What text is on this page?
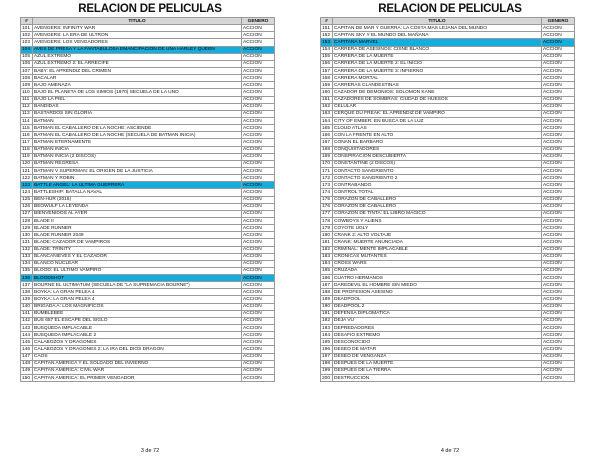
RELACION DE PELICULAS
#	TITULO	GENERO
101	AVENGERS: INFINITY WAR	ACCION
102	AVENGERS: LA ERA DE ULTRON	ACCION
103	AVENGERS: LOS VENGADORES	ACCION
104	AVES DE PRESA Y LA FANTABULOSA EMANCIPACION DE UNA HARLEY QUEEN	ACCION
105	AZUL EXTREMO	ACCION
106	AZUL EXTREMO 2: EL ARRECIFE	ACCION
107	BABY: EL APRENDIZ DEL CRIMEN	ACCION
108	BACALAR	ACCION
109	BAJO AMENAZA	ACCION
110	BAJO EL PLANETA DE LOS SIMIOS (1970) SECUELA DE LA UNO	ACCION
111	BAJO LA PIEL	ACCION
112	BANDIDAS	ACCION
113	BASTARDOS SIN GLORIA	ACCION
114	BATMAN	ACCION
115	BATMAN EL CABALLERO DE LA NOCHE: ASCIENDE	ACCION
116	BATMAN EL CABALLERO DE LA NOCHE (SECUELA DE BATMAN INICIA)	ACCION
117	BATMAN ETERNAMENTE	ACCION
118	BATMAN INICIA	ACCION
119	BATMAN INICIA (2 DISCOS)	ACCION
120	BATMAN REGRESA	ACCION
121	BATMAN V SUPERMAN: EL ORIGEN DE LA JUSTICIA	ACCION
122	BATMAN Y ROBIN	ACCION
123	BATTLE ANGEL: LA ULTIMA GUERRERA	ACCION
124	BATTLESHIP: BATALLA NAVAL	ACCION
125	BEN-HUR (2016)	ACCION
126	BEOWULF LA LEYENDA	ACCION
127	BIENVENIDOS AL AYER	ACCION
128	BLADE II	ACCION
129	BLADE RUNNER	ACCION
130	BLADE RUNNER 2049	ACCION
131	BLADE: CAZADOR DE VAMPIROS	ACCION
132	BLADE: TRINITY	ACCION
133	BLANCANIEVES Y EL CAZADOR	ACCION
134	BLANCO NUCLEAR	ACCION
135	BLOOD: EL ULTIMO VAMPIRO	ACCION
136	BLOODSHOT	ACCION
137	BOURNE EL ULTIMATUM (SECUELA DE "LA SUPREMACIA BOURNE")	ACCION
138	BOYKA: LA GRAN PELEA 4	ACCION
139	BOYKA: LA GRAN PELEA 4	ACCION
140	BRIGADA A: LOS MAGNIFICOS	ACCION
141	BUMBLEBEE	ACCION
142	BUS 657 EL ESCAPE DEL SIGLO	ACCION
143	BUSQUEDA IMPLACABLE	ACCION
144	BUSQUEDA IMPLACABLE 2	ACCION
145	CALABOZOS Y DRAGONES	ACCION
146	CALABOZOS Y DRAGONES 2: LA IRA DEL DIOS DRAGON	ACCION
147	CAOS	ACCION
148	CAPITAN AMERICA Y EL SOLDADO DEL INVIERNO	ACCION
149	CAPITAN AMERICA: CIVIL WAR	ACCION
150	CAPITAN AMERICA: EL PRIMER VENGADOR	ACCION
3 de 72
RELACION DE PELICULAS
#	TITULO	GENERO
151	CAPITAN DE MAR Y GUERRA: LA COSTA MAS LEJANA DEL MUNDO	ACCION
152	CAPITAN SKY Y EL MUNDO DEL MAÑANA	ACCION
153	CAPITANA MARVEL	ACCION
154	CARRERA DE ASESINOS: CISNE BLANCO	ACCION
155	CARRERA DE LA MUERTE	ACCION
156	CARRERA DE LA MUERTE 2: EL INICIO	ACCION
157	CARRERA DE LA MUERTE 3: INFIERNO	ACCION
158	CARRERA MORTAL	ACCION
159	CARRERAS CLANDESTINAS	ACCION
160	CAZADOR DE DEMONIOS: SOLOMON KANE	ACCION
161	CAZADORES DE SOMBRAS: CIUDAD DE HUESOS	ACCION
162	CELULAR	ACCION
163	CERQUE DU FREAK: EL APRENDIZ DE VAMPIRO	ACCION
164	CITY OF EMBER: EN BUSCA DE LA LUZ	ACCION
165	CLOUD ATLAS	ACCION
166	CON LA FRENTE EN ALTO	ACCION
167	CONAN EL BARBARO	ACCION
168	CONQUISTADORES	ACCION
169	CONSPIRACION DESCUBIERTA	ACCION
170	CONSTANTINE (2 DISCOS)	ACCION
171	CONTACTO SANGRIENTO	ACCION
172	CONTACTO SANGRIENTO 2	ACCION
173	CONTRABANDO	ACCION
174	CONTROL TOTAL	ACCION
175	CORAZON DE CABALLERO	ACCION
176	CORAZON DE CABALLERO	ACCION
177	CORAZON DE TINTA: EL LIBRO MAGICO	ACCION
178	COWBOYS Y ALIENS	ACCION
179	COYOTE UGLY	ACCION
180	CRANK 2: ALTO VOLTAJE	ACCION
181	CRANK: MUERTE ANUNCIADA	ACCION
182	CRIMINAL: MENTE IMPLACABLE	ACCION
183	CRONICAS MUTANTES	ACCION
184	CROSS WARS	ACCION
185	CRUZADA	ACCION
186	CUATRO HERMANOS	ACCION
187	DAREDEVIL EL HOMBRE SIN MIEDO	ACCION
188	DE PROFESION ASESINO	ACCION
189	DEADPOOL	ACCION
190	DEADPOOL 2	ACCION
191	DEFENSA DIPLOMATICA	ACCION
192	DEJA VU	ACCION
193	DEPREDADORES	ACCION
194	DESAFIO EXTREMO	ACCION
195	DESCONOCIDO	ACCION
196	DESEO DE MATAR	ACCION
197	DESEO DE VENGANZA	ACCION
198	DESPUES DE LA MUERTE	ACCION
199	DESPUES DE LA TIERRA	ACCION
200	DESTRUCCION	ACCION
4 de 72
